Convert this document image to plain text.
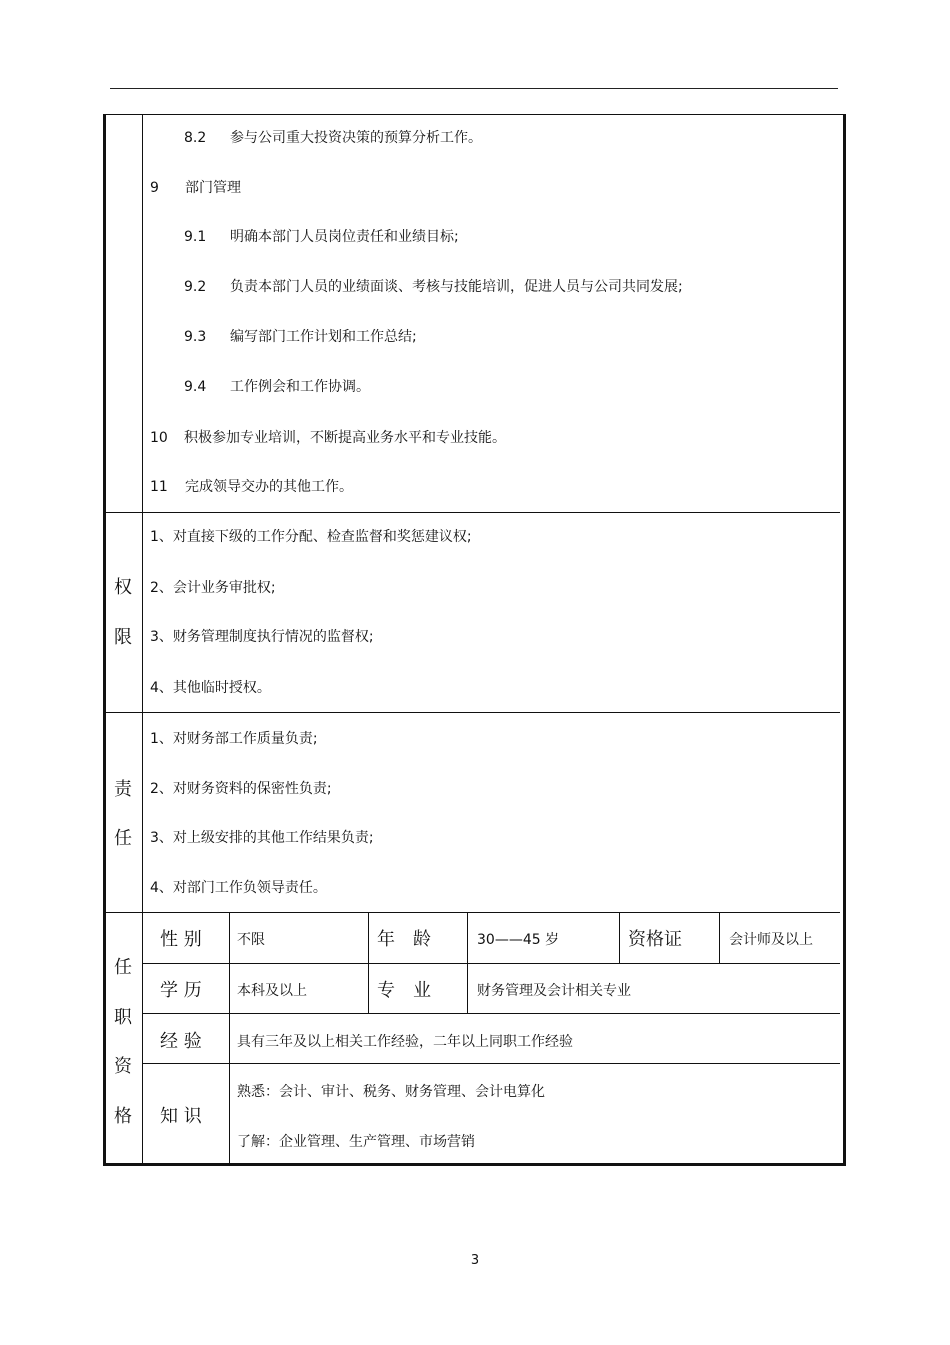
8.2 参与公司重大投资决策的预算分析工作。
9 部门管理
9.1 明确本部门人员岗位责任和业绩目标;
9.2 负责本部门人员的业绩面谈、考核与技能培训，促进人员与公司共同发展;
9.3 编写部门工作计划和工作总结;
9.4 工作例会和工作协调。
10 积极参加专业培训，不断提高业务水平和专业技能。
11 完成领导交办的其他工作。
权
限
1、对直接下级的工作分配、检查监督和奖惩建议权;
2、会计业务审批权;
3、财务管理制度执行情况的监督权;
4、其他临时授权。
责
任
1、对财务部工作质量负责;
2、对财务资料的保密性负责;
3、对上级安排的其他工作结果负责;
4、对部门工作负领导责任。
任
职
资
格
性 别	不限	年　龄	30——45 岁	资格证	会计师及以上
学 历	本科及以上	专　业	财务管理及会计相关专业
经 验	具有三年及以上相关工作经验，二年以上同职工作经验
知 识
熟悉：会计、审计、税务、财务管理、会计电算化
了解：企业管理、生产管理、市场营销
3
